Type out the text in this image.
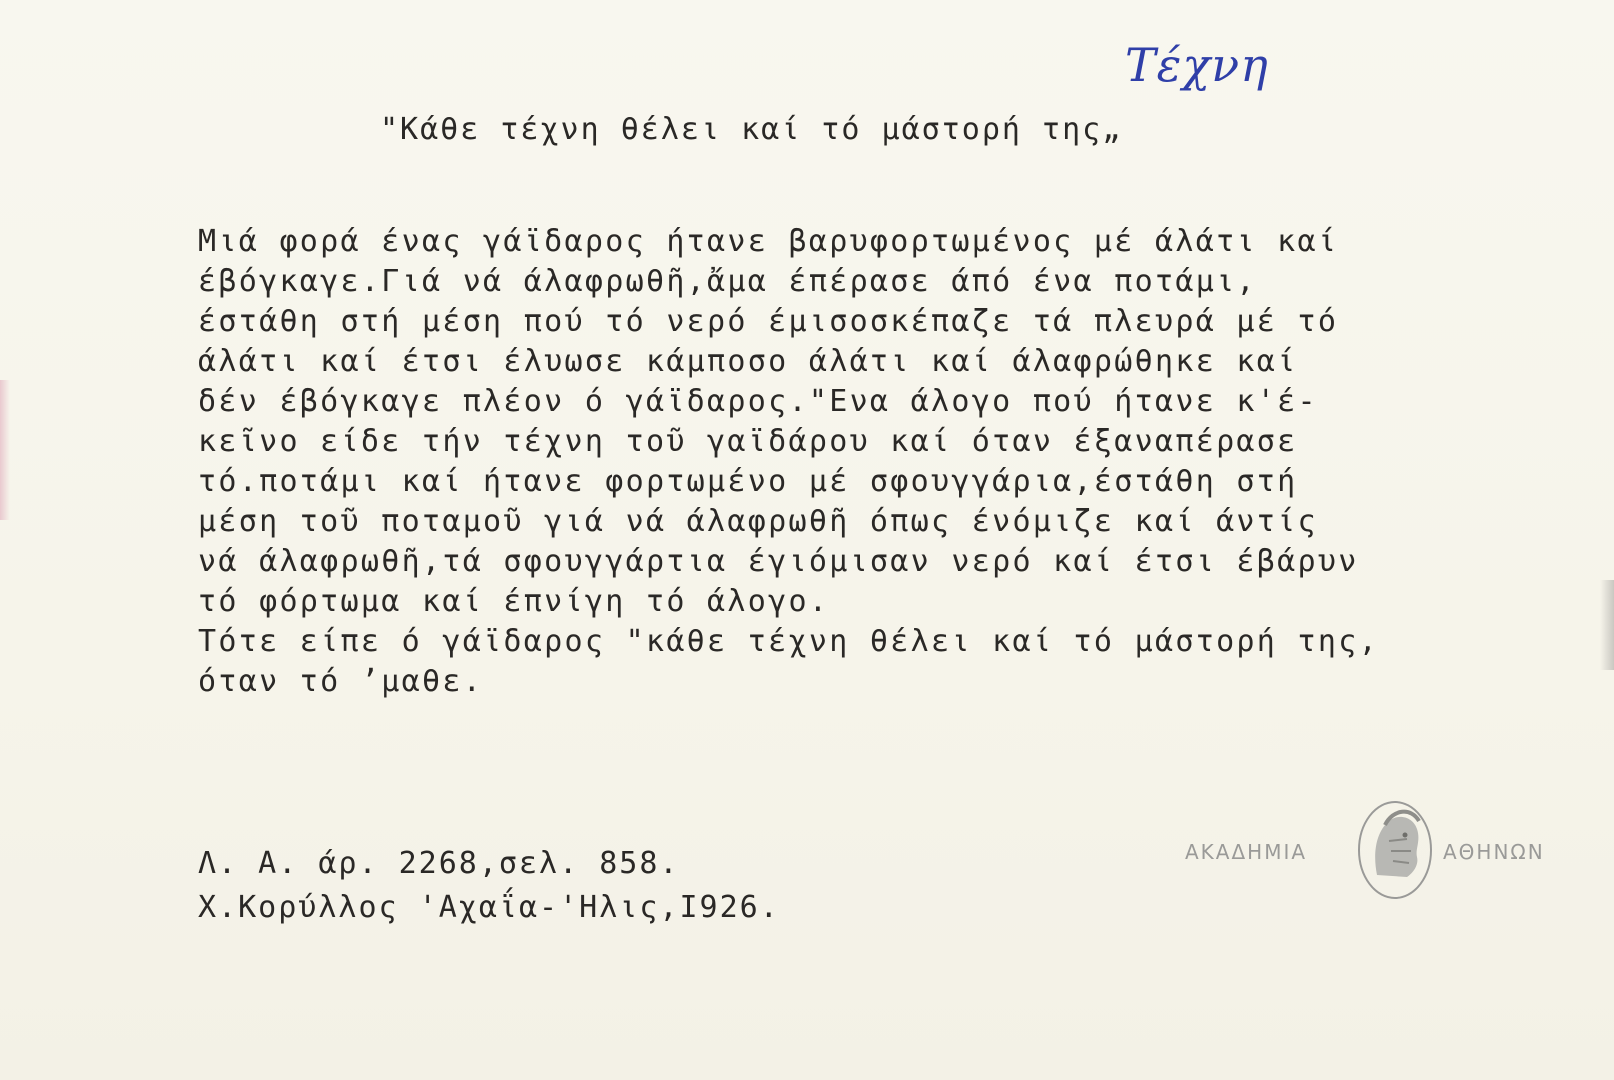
Τέχνη
"Κάθε τέχνη θέλει καί τό μάστορή της„
Μιά φορά ένας γάϊδαρος ήτανε βαρυφορτωμένος μέ άλάτι καί
έβόγκαγε.Γιά νά άλαφρωθῆ,ἄμα έπέρασε άπό ένα ποτάμι,
έστάθη στή μέση πού τό νερό έμισοσκέπαζε τά πλευρά μέ τό
άλάτι καί έτσι έλυωσε κάμποσο άλάτι καί άλαφρώθηκε καί
δέν έβόγκαγε πλέον ό γάϊδαρος."Ενα άλογο πού ήτανε κ'έ-
κεῖνο είδε τήν τέχνη τοῦ γαϊδάρου καί όταν έξαναπέρασε
τό.ποτάμι καί ήτανε φορτωμένο μέ σφουγγάρια,έστάθη στή
μέση τοῦ ποταμοῦ γιά νά άλαφρωθῆ όπως ένόμιζε καί άντίς
νά άλαφρωθῆ,τά σφουγγάρτια έγιόμισαν νερό καί έτσι έβάρυν
τό φόρτωμα καί έπνίγη τό άλογο.
Τότε είπε ό γάϊδαρος "κάθε τέχνη θέλει καί τό μάστορή της,
όταν τό ʼμαθε.
Λ. Α. άρ. 2268,σελ. 858.
Χ.Κορύλλος 'Αχαΐα-'Ηλις,Ι926.
ΑΚΑΔΗΜΙΑ	ΑΘΗΝΩΝ
